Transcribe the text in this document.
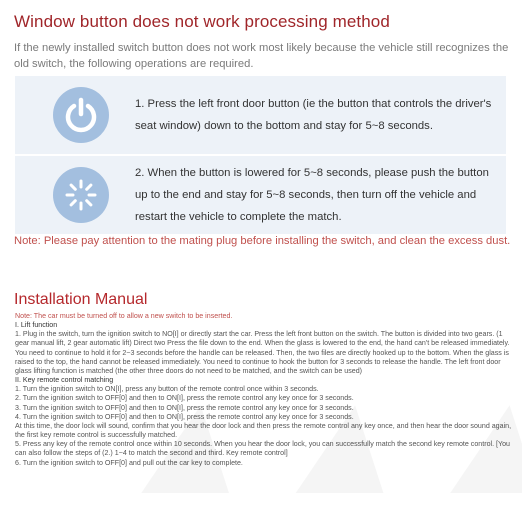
Window button does not work processing method
If the newly installed switch button does not work most likely because the vehicle still recognizes the old switch, the following operations are required.
1. Press the left front door button (ie the button that controls the driver's seat window) down to the bottom and stay for 5~8 seconds.
2. When the button is lowered for 5~8 seconds, please push the button up to the end and stay for 5~8 seconds, then turn off the vehicle and restart the vehicle to complete the match.
Note: Please pay attention to the mating plug before installing the switch, and clean the excess dust.
Installation Manual
Note: The car must be turned off to allow a new switch to be inserted.
I. Lift function
1. Plug in the switch, turn the ignition switch to NO[I] or directly start the car. Press the left front button on the switch. The button is divided into two gears. (1 gear manual lift, 2 gear automatic lift) Direct two Press the file down to the end. When the glass is lowered to the end, the hand can't be released immediately. You need to continue to hold it for 2~3 seconds before the handle can be released. Then, the two files are directly hooked up to the bottom. When the glass is raised to the top, the hand cannot be released immediately. You need to continue to hook the button for 3 seconds to release the handle. The left front door glass lifting function is matched (the other three doors do not need to be matched, and the switch can be used)
II. Key remote control matching
1. Turn the ignition switch to ON[I], press any button of the remote control once within 3 seconds.
2. Turn the ignition switch to OFF[0] and then to ON[I], press the remote control any key once for 3 seconds.
3. Turn the ignition switch to OFF[0] and then to ON[I], press the remote control any key once for 3 seconds.
4. Turn the ignition switch to OFF[0] and then to ON[I], press the remote control any key once for 3 seconds.
At this time, the door lock will sound, confirm that you hear the door lock and then press the remote control any key once, and then hear the door sound again, the first key remote control is successfully matched.
5. Press any key of the remote control once within 10 seconds. When you hear the door lock, you can successfully match the second key remote control. [You can also follow the steps of (2.) 1~4 to match the second and third. Key remote control]
6. Turn the ignition switch to OFF[0] and pull out the car key to complete.
